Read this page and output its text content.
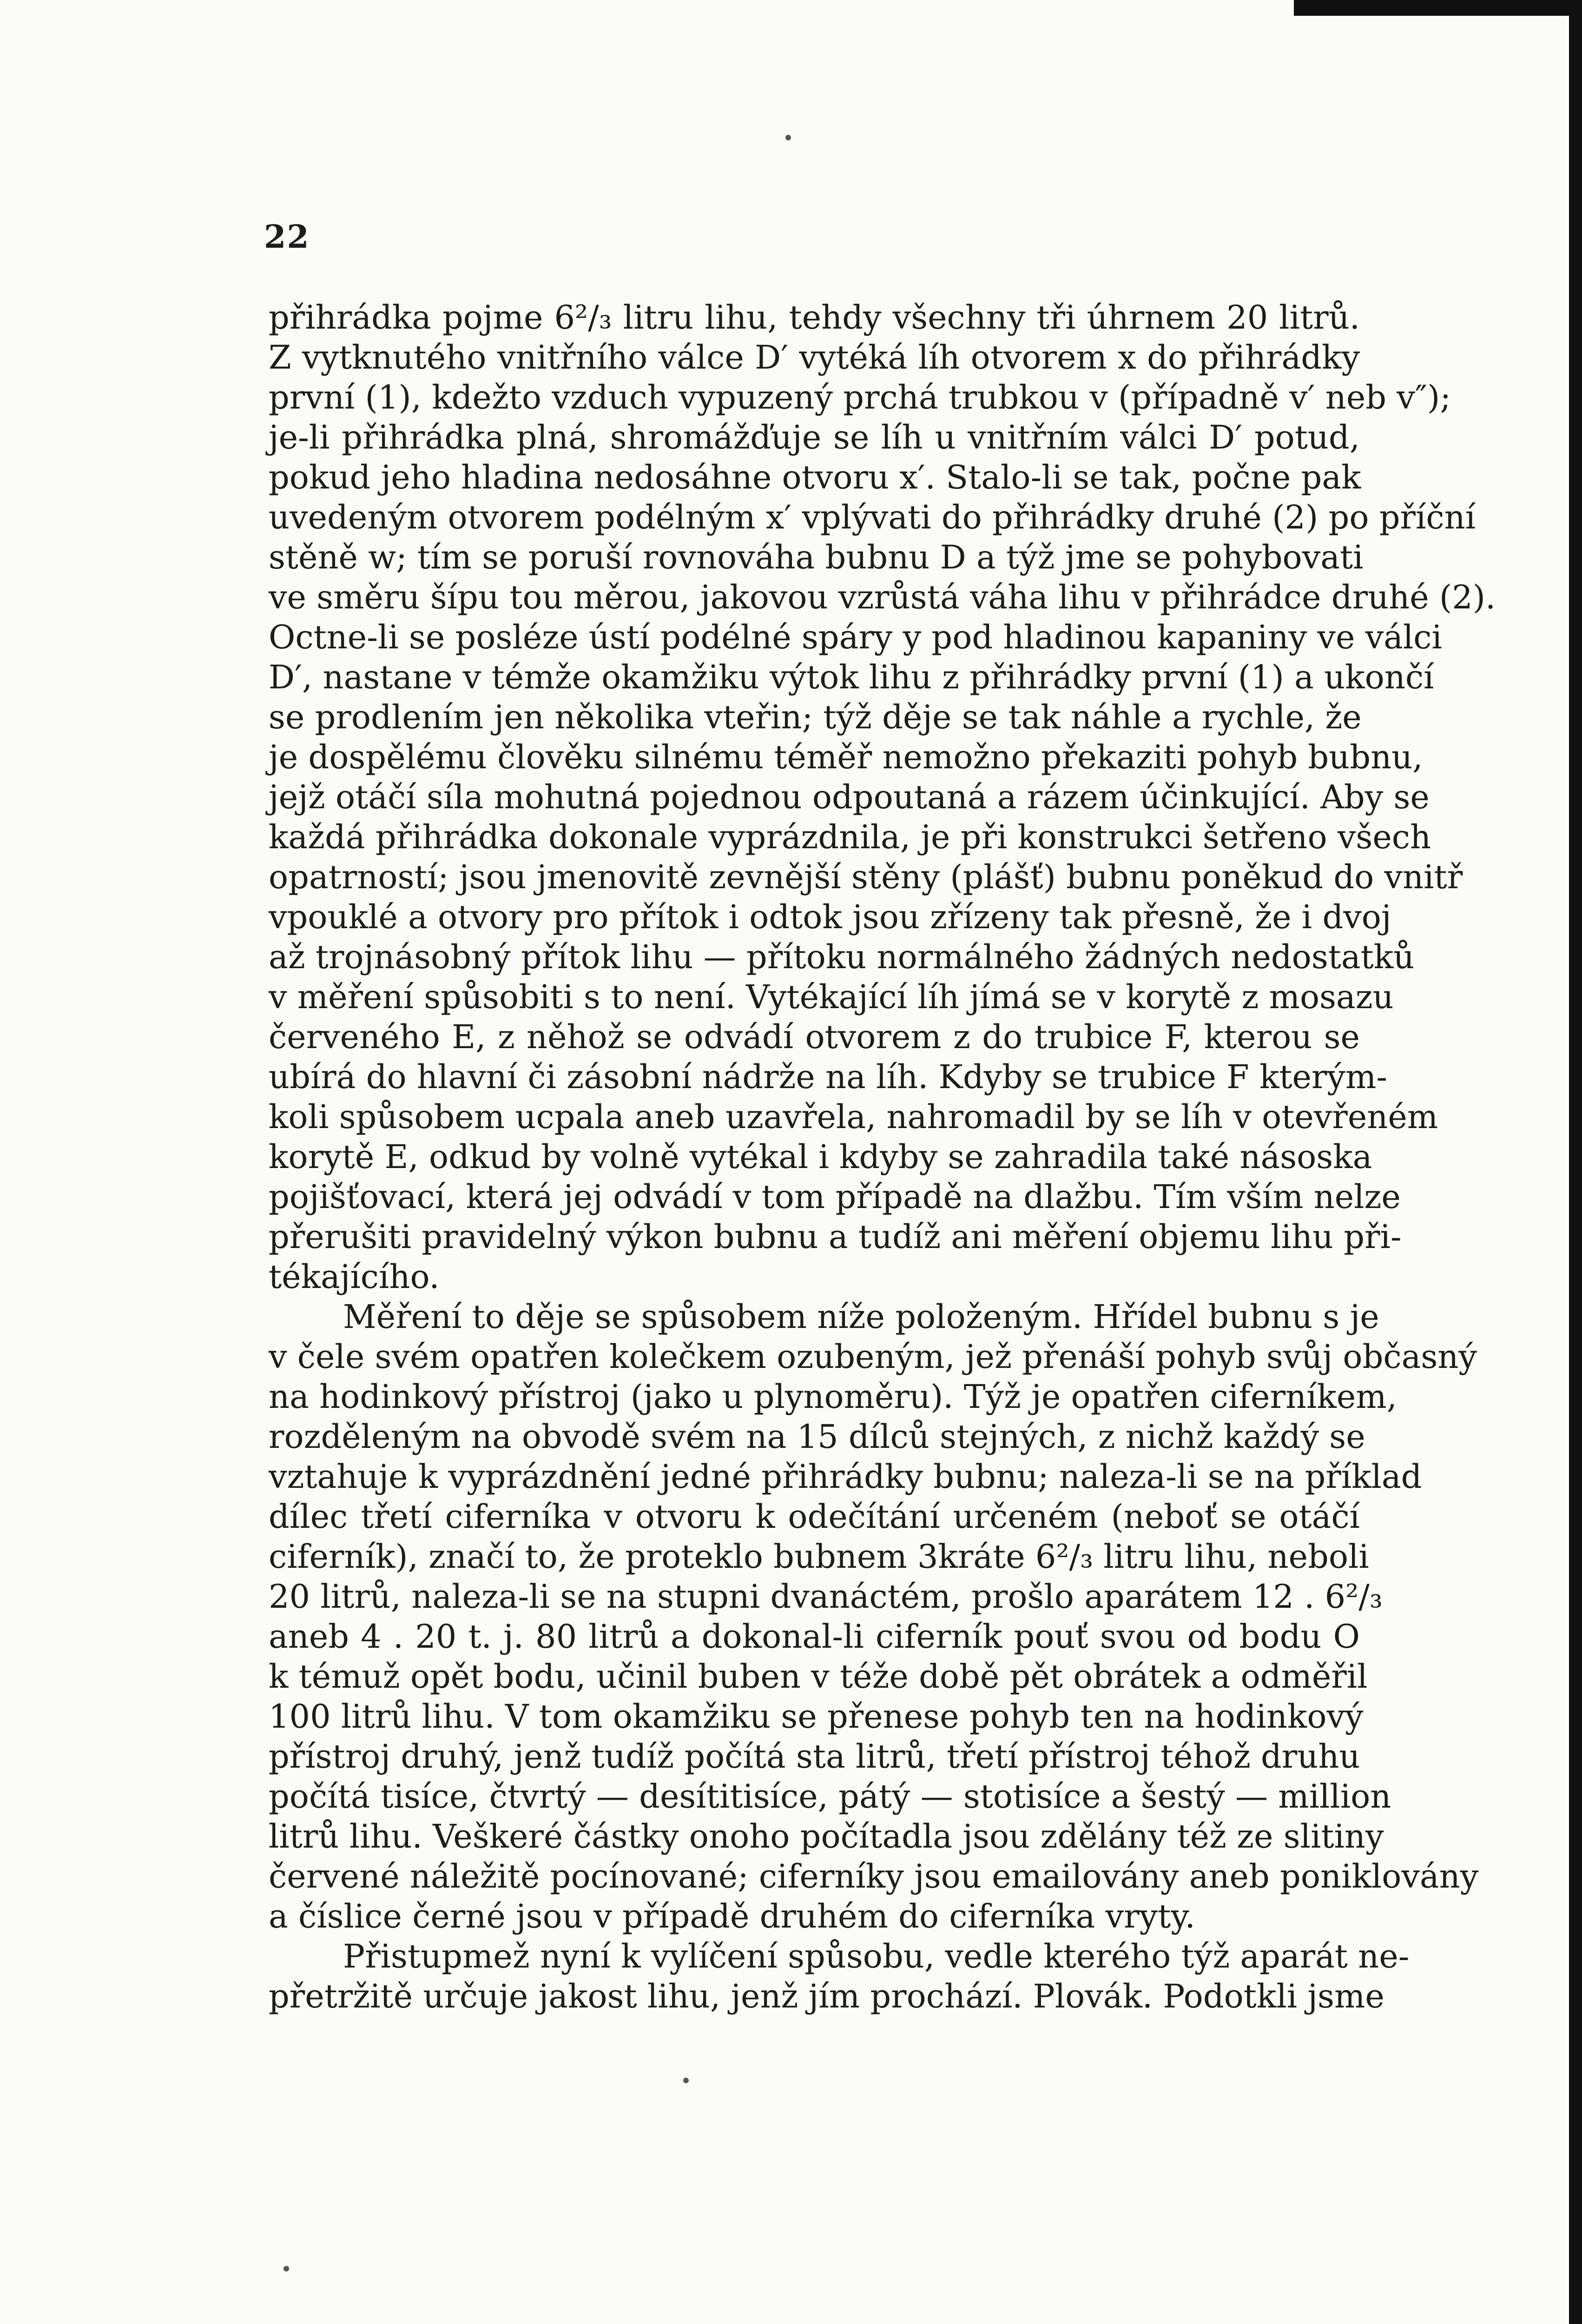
22
přihrádka pojme 6²/₃ litru lihu, tehdy všechny tři úhrnem 20 litrů.
Z vytknutého vnitřního válce D′ vytéká líh otvorem x do přihrádky
první (1), kdežto vzduch vypuzený prchá trubkou v (případně v′ neb v″);
je-li přihrádka plná, shromážďuje se líh u vnitřním válci D′ potud,
pokud jeho hladina nedosáhne otvoru x′. Stalo-li se tak, počne pak
uvedeným otvorem podélným x′ vplývati do přihrádky druhé (2) po příční
stěně w; tím se poruší rovnováha bubnu D a týž jme se pohybovati
ve směru šípu tou měrou, jakovou vzrůstá váha lihu v přihrádce druhé (2).
Octne-li se posléze ústí podélné spáry y pod hladinou kapaniny ve válci
D′, nastane v témže okamžiku výtok lihu z přihrádky první (1) a ukončí
se prodlením jen několika vteřin; týž děje se tak náhle a rychle, že
je dospělému člověku silnému téměř nemožno překaziti pohyb bubnu,
jejž otáčí síla mohutná pojednou odpoutaná a rázem účinkující. Aby se
každá přihrádka dokonale vyprázdnila, je při konstrukci šetřeno všech
opatrností; jsou jmenovitě zevnější stěny (plášť) bubnu poněkud do vnitř
vpouklé a otvory pro přítok i odtok jsou zřízeny tak přesně, že i dvoj
až trojnásobný přítok lihu — přítoku normálného žádných nedostatků
v měření spůsobiti s to není. Vytékající líh jímá se v korytě z mosazu
červeného E, z něhož se odvádí otvorem z do trubice F, kterou se
ubírá do hlavní či zásobní nádrže na líh. Kdyby se trubice F kterým-
koli spůsobem ucpala aneb uzavřela, nahromadil by se líh v otevřeném
korytě E, odkud by volně vytékal i kdyby se zahradila také násoska
pojišťovací, která jej odvádí v tom případě na dlažbu. Tím vším nelze
přerušiti pravidelný výkon bubnu a tudíž ani měření objemu lihu při-
tékajícího.
Měření to děje se spůsobem níže položeným. Hřídel bubnu s je
v čele svém opatřen kolečkem ozubeným, jež přenáší pohyb svůj občasný
na hodinkový přístroj (jako u plynoměru). Týž je opatřen ciferníkem,
rozděleným na obvodě svém na 15 dílců stejných, z nichž každý se
vztahuje k vyprázdnění jedné přihrádky bubnu; naleza-li se na příklad
dílec třetí ciferníka v otvoru k odečítání určeném (neboť se otáčí
ciferník), značí to, že proteklo bubnem 3kráte 6²/₃ litru lihu, neboli
20 litrů, naleza-li se na stupni dvanáctém, prošlo aparátem 12 . 6²/₃
aneb 4 . 20 t. j. 80 litrů a dokonal-li ciferník pouť svou od bodu O
k témuž opět bodu, učinil buben v téže době pět obrátek a odměřil
100 litrů lihu. V tom okamžiku se přenese pohyb ten na hodinkový
přístroj druhý, jenž tudíž počítá sta litrů, třetí přístroj téhož druhu
počítá tisíce, čtvrtý — desítitisíce, pátý — stotisíce a šestý — million
litrů lihu. Veškeré částky onoho počítadla jsou zdělány též ze slitiny
červené náležitě pocínované; ciferníky jsou emailovány aneb poniklovány
a číslice černé jsou v případě druhém do ciferníka vryty.
Přistupmež nyní k vylíčení spůsobu, vedle kterého týž aparát ne-
přetržitě určuje jakost lihu, jenž jím prochází. Plovák. Podotkli jsme
